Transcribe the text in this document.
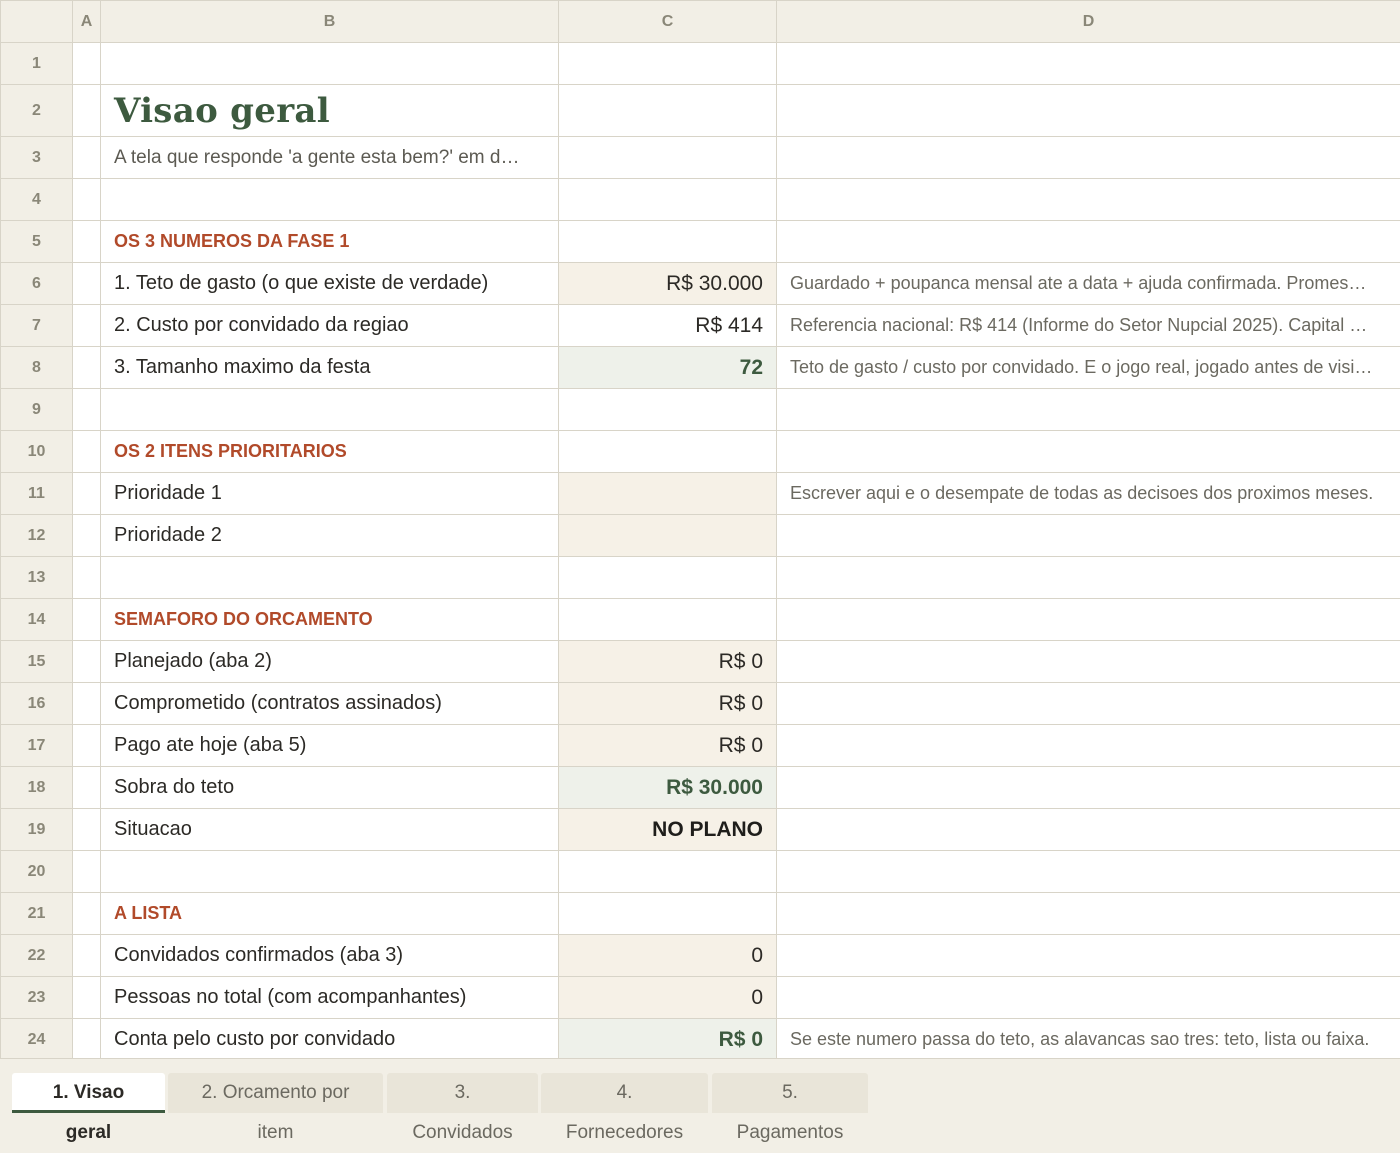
	A	B	C	D
1				
2		Visao geral		
3		A tela que responde 'a gente esta bem?' em d…		
4				
5		OS 3 NUMEROS DA FASE 1		
6		1. Teto de gasto (o que existe de verdade)	R$ 30.000	Guardado + poupanca mensal ate a data + ajuda confirmada. Promes…
7		2. Custo por convidado da regiao	R$ 414	Referencia nacional: R$ 414 (Informe do Setor Nupcial 2025). Capital …
8		3. Tamanho maximo da festa	72	Teto de gasto / custo por convidado. E o jogo real, jogado antes de visi…
9				
10		OS 2 ITENS PRIORITARIOS		
11		Prioridade 1		Escrever aqui e o desempate de todas as decisoes dos proximos meses.
12		Prioridade 2		
13				
14		SEMAFORO DO ORCAMENTO		
15		Planejado (aba 2)	R$ 0	
16		Comprometido (contratos assinados)	R$ 0	
17		Pago ate hoje (aba 5)	R$ 0	
18		Sobra do teto	R$ 30.000	
19		Situacao	NO PLANO	
20				
21		A LISTA		
22		Convidados confirmados (aba 3)	0	
23		Pessoas no total (com acompanhantes)	0	
24		Conta pelo custo por convidado	R$ 0	Se este numero passa do teto, as alavancas sao tres: teto, lista ou faixa.
1. Visao geral
2. Orcamento por item
3. Convidados
4. Fornecedores
5. Pagamentos
